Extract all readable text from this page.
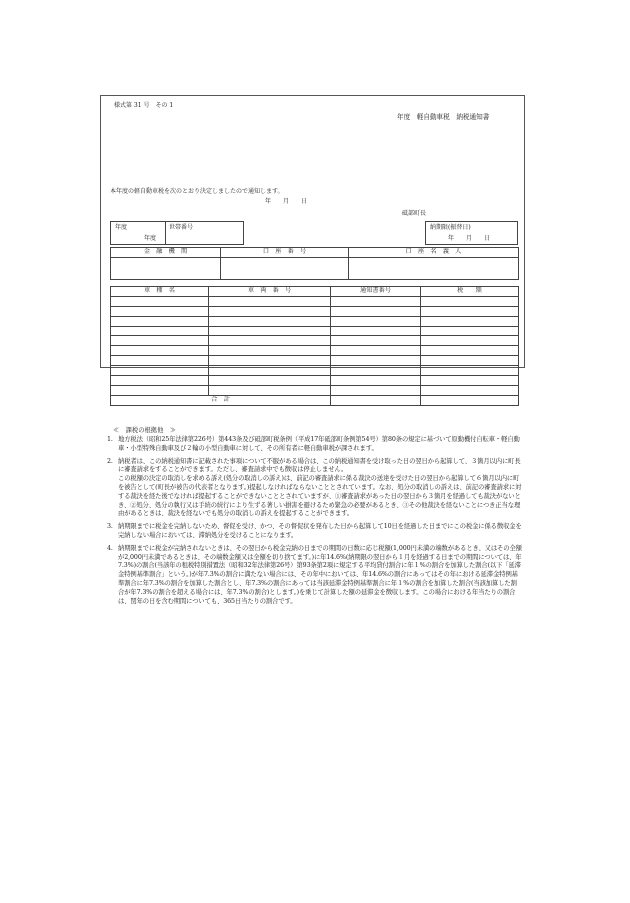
様式第 31 号　その 1
年度　軽自動車税　納税通知書
本年度の軽自動車税を次のとおり決定しましたので通知します。
年　　月　　日
砥部町長
年度
年度
世帯番号	納期限(振替日)
年　　月　　日
金　融　機　関	口　座　番　号	口　座　名　義　人

車　種　名	車　両　番　号	通知書番号	税　　額

合　計			
≪　課税の根拠他　≫
1. 地方税法（昭和25年法律第226号）第443条及び砥部町税条例（平成17年砥部町条例第54号）第80条の規定に基づいて原動機付自転車・軽自動車・小型特殊自動車及び２輪の小型自動車に対して、その所有者に軽自動車税が課されます。

2. 納税者は、この納税通知書に記載された事項について不服がある場合は、この納税通知書を受け取った日の翌日から起算して、３箇月以内に町長に審査請求をすることができます。ただし、審査請求中でも徴収は停止しません。

この税額の決定の取消しを求める訴え(処分の取消しの訴え)は、前記の審査請求に係る裁決の送達を受けた日の翌日から起算して６箇月以内に町を被告として(町長が被告の代表者となります。)提起しなければならないこととされています。なお、処分の取消しの訴えは、前記の審査請求に対する裁決を経た後でなければ提起することができないこととされていますが、①審査請求があった日の翌日から３箇月を経過しても裁決がないとき、②処分、処分の執行又は手続の続行により生ずる著しい損害を避けるため緊急の必要があるとき、③その他裁決を経ないことにつき正当な理由があるときは、裁決を経ないでも処分の取消しの訴えを提起することができます。

3. 納期限までに税金を完納しないため、督促を受け、かつ、その督促状を発布した日から起算して10日を経過した日までにこの税金に係る徴収金を完納しない場合においては、滞納処分を受けることになります。

4. 納期限までに税金が完納されないときは、その翌日から税金完納の日までの期間の日数に応じ税額(1,000円未満の端数があるとき、又はその全額が2,000円未満であるときは、その端数金額又は全額を切り捨てます。)に年14.6%(納期限の翌日から１月を経過する日までの期間については、年7.3%)の割合(当該年の租税特別措置法（昭和32年法律第26号）第93条第2項に規定する平均貸付割合に年１%の割合を加算した割合(以下「延滞金特例基準割合」という。)が年7.3%の割合に満たない場合には、その年中においては、年14.6%の割合にあってはその年における延滞金特例基準割合に年7.3%の割合を加算した割合とし、年7.3%の割合にあっては当該延滞金特例基準割合に年１%の割合を加算した割合(当該加算した割合が年7.3%の割合を超える場合には、年7.3%の割合)とします。)を乗じて計算した額の延滞金を徴収します。この場合における年当たりの割合は、閏年の日を含む期間についても、365日当たりの割合です。
